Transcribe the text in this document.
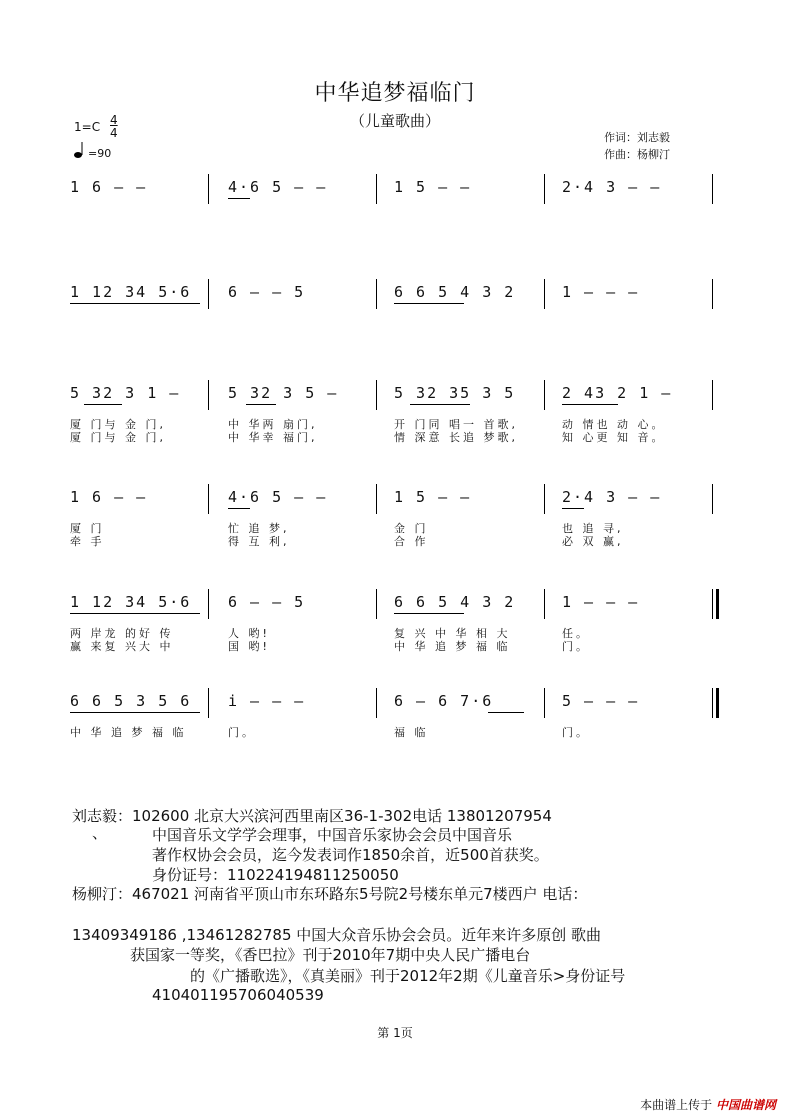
中华追梦福临门
（儿童歌曲）
1=C 4
4
=90
作词：刘志毅
作曲：杨柳汀
1 6 – –	4·6 5 – –	1 5 – –	2·4 3 – –
1 12 34 5·6 6 – – 5	6 6 5 4 3 2	1 – – –
5 32 3 1 –
厦 门与 金 门,
厦 门与 金 门,
5 32 3 5 –
中 华两 扇门,
中 华幸 福门,
5 32 35 3 5
开 门同 唱一 首歌,
情 深意 长追 梦歌,
2 43 2 1 –
动 情也 动 心。
知 心更 知 音。
1 6 – –
厦 门
牵 手
4·6 5 – –
忙 追 梦,
得 互 利,
1 5 – –
金 门
合 作
2·4 3 – –
也 追 寻,
必 双 赢,
1 12 34 5·6
两 岸龙 的好 传
赢 来复 兴大 中
6 – – 5
人 哟!
国 哟!
6 6 5 4 3 2
复 兴 中 华 相 大
中 华 追 梦 福 临
1 – – –
任。
门。
6 6 5 3 5 6
中 华 追 梦 福 临
i – – –
门。
6 – 6 7·6
福 临
5 – – –
门。
刘志毅：102600 北京大兴滨河西里南区36-1-302电话 13801207954
、	中国音乐文学学会理事，中国音乐家协会会员中国音乐
著作权协会会员，迄今发表词作1850余首，近500首获奖。
身份证号：110224194811250050
杨柳汀：467021 河南省平顶山市东环路东5号院2号楼东单元7楼西户 电话：
13409349186 ,13461282785 中国大众音乐协会会员。近年来许多原创 歌曲
获国家一等奖，《香巴拉》刊于2010年7期中央人民广播电台
的《广播歌选》，《真美丽》刊于2012年2期《儿童音乐>身份证号
410401195706040539
第 1页
本曲谱上传于 中国曲谱网
